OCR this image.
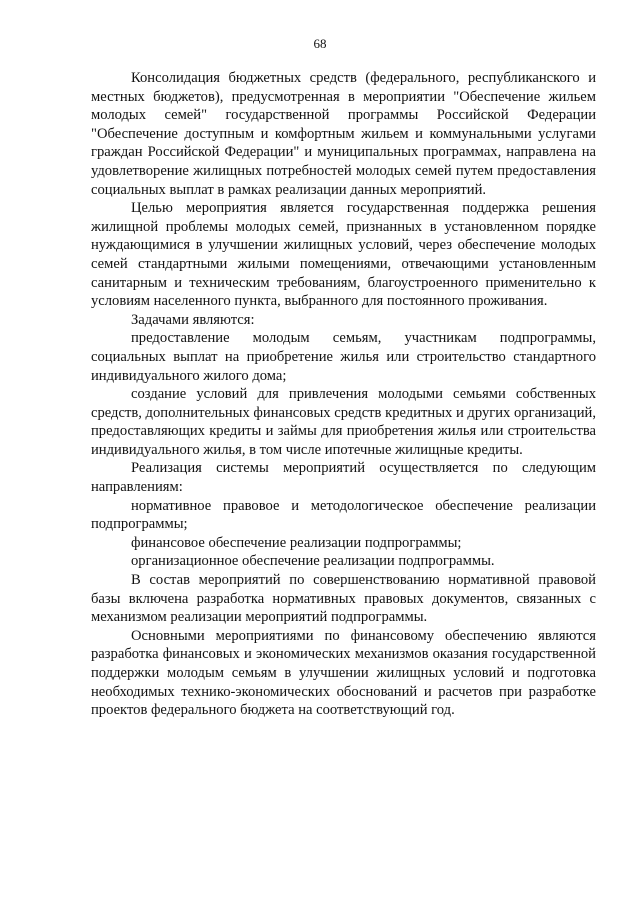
68

Консолидация бюджетных средств (федерального, республиканского и местных бюджетов), предусмотренная в мероприятии "Обеспечение жильем молодых семей" государственной программы Российской Федерации "Обеспечение доступным и комфортным жильем и коммунальными услугами граждан Российской Федерации" и муниципальных программах, направлена на удовлетворение жилищных потребностей молодых семей путем предоставления социальных выплат в рамках реализации данных мероприятий.

Целью мероприятия является государственная поддержка решения жилищной проблемы молодых семей, признанных в установленном порядке нуждающимися в улучшении жилищных условий, через обеспечение молодых семей стандартными жилыми помещениями, отвечающими установленным санитарным и техническим требованиям, благоустроенного применительно к условиям населенного пункта, выбранного для постоянного проживания.

Задачами являются:

предоставление молодым семьям, участникам подпрограммы, социальных выплат на приобретение жилья или строительство стандартного индивидуального жилого дома;

создание условий для привлечения молодыми семьями собственных средств, дополнительных финансовых средств кредитных и других организаций, предоставляющих кредиты и займы для приобретения жилья или строительства индивидуального жилья, в том числе ипотечные жилищные кредиты.

Реализация системы мероприятий осуществляется по следующим направлениям:

нормативное правовое и методологическое обеспечение реализации подпрограммы;

финансовое обеспечение реализации подпрограммы;

организационное обеспечение реализации подпрограммы.

В состав мероприятий по совершенствованию нормативной правовой базы включена разработка нормативных правовых документов, связанных с механизмом реализации мероприятий подпрограммы.

Основными мероприятиями по финансовому обеспечению являются разработка финансовых и экономических механизмов оказания государственной поддержки молодым семьям в улучшении жилищных условий и подготовка необходимых технико-экономических обоснований и расчетов при разработке проектов федерального бюджета на соответствующий год.
